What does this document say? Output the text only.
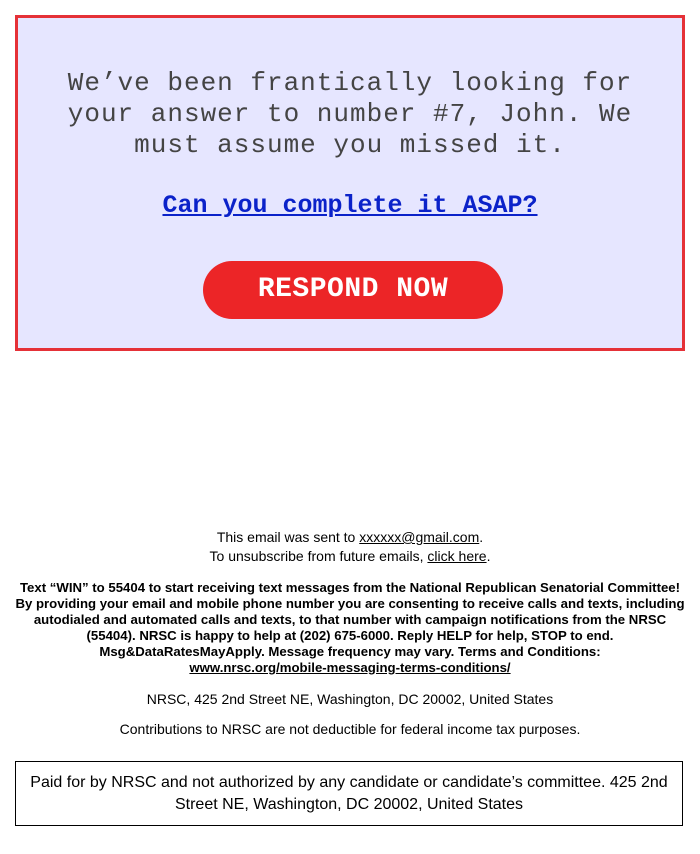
We’ve been frantically looking for your answer to number #7, John. We must assume you missed it.
Can you complete it ASAP?
RESPOND NOW
This email was sent to xxxxxx@gmail.com.
To unsubscribe from future emails, click here.
Text “WIN” to 55404 to start receiving text messages from the National Republican Senatorial Committee! By providing your email and mobile phone number you are consenting to receive calls and texts, including autodialed and automated calls and texts, to that number with campaign notifications from the NRSC (55404). NRSC is happy to help at (202) 675-6000. Reply HELP for help, STOP to end. Msg&DataRatesMayApply. Message frequency may vary. Terms and Conditions:
www.nrsc.org/mobile-messaging-terms-conditions/
NRSC, 425 2nd Street NE, Washington, DC 20002, United States
Contributions to NRSC are not deductible for federal income tax purposes.
Paid for by NRSC and not authorized by any candidate or candidate’s committee. 425 2nd Street NE, Washington, DC 20002, United States
